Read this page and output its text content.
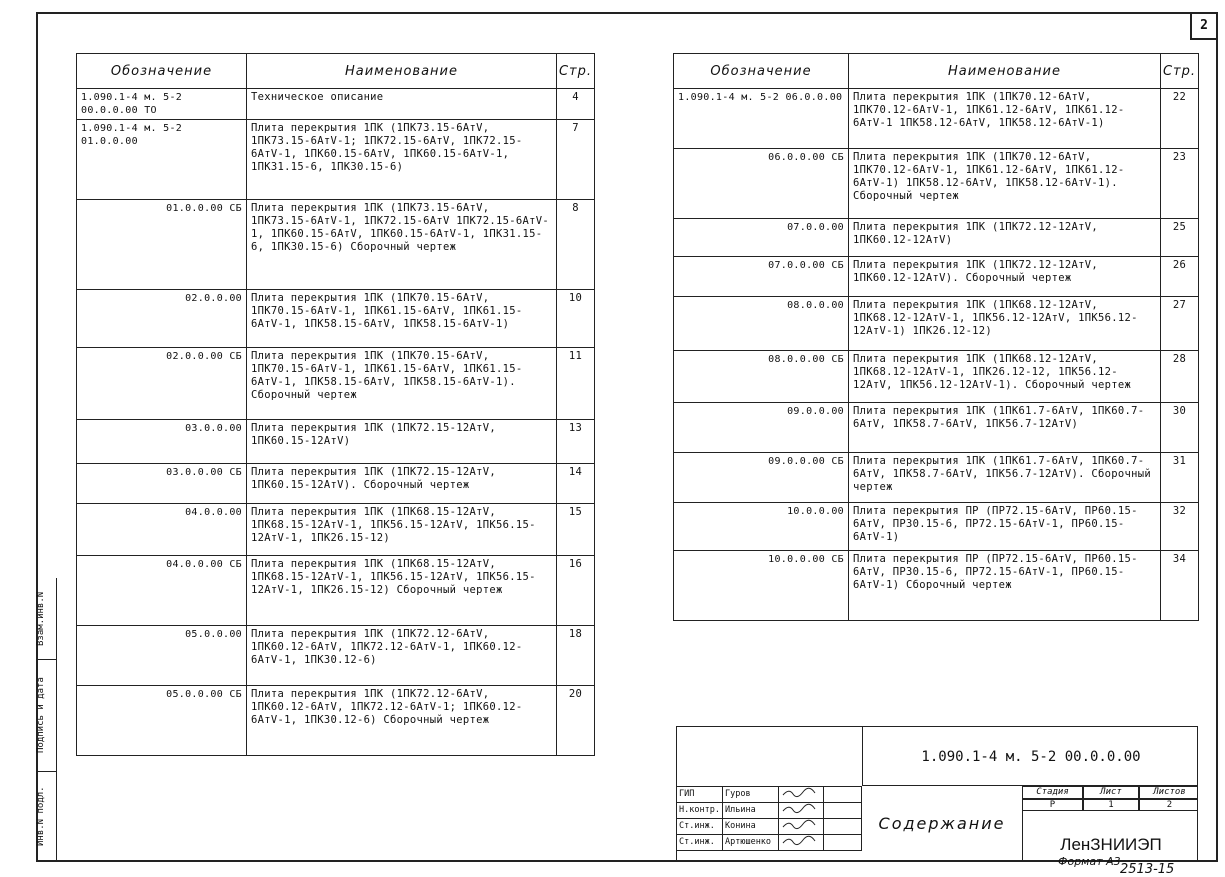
2
Взам.инв.N
Подпись и дата
Инв.N подл.
Обозначение	Наименование	Стр.
1.090.1-4 м. 5-2 00.0.0.00 ТО	Техническое описание	4
1.090.1-4 м. 5-2 01.0.0.00	Плита перекрытия 1ПК (1ПК73.15-6АтV, 1ПК73.15-6АтV-1; 1ПК72.15-6АтV, 1ПК72.15-6АтV-1, 1ПК60.15-6АтV, 1ПК60.15-6АтV-1, 1ПК31.15-6, 1ПК30.15-6)	7
01.0.0.00 СБ	Плита перекрытия 1ПК (1ПК73.15-6АтV, 1ПК73.15-6АтV-1, 1ПК72.15-6АтV 1ПК72.15-6АтV-1, 1ПК60.15-6АтV, 1ПК60.15-6АтV-1, 1ПК31.15-6, 1ПК30.15-6) Сборочный чертеж	8
02.0.0.00	Плита перекрытия 1ПК (1ПК70.15-6АтV, 1ПК70.15-6АтV-1, 1ПК61.15-6АтV, 1ПК61.15-6АтV-1, 1ПК58.15-6АтV, 1ПК58.15-6АтV-1)	10
02.0.0.00 СБ	Плита перекрытия 1ПК (1ПК70.15-6АтV, 1ПК70.15-6АтV-1, 1ПК61.15-6АтV, 1ПК61.15-6АтV-1, 1ПК58.15-6АтV, 1ПК58.15-6АтV-1). Сборочный чертеж	11
03.0.0.00	Плита перекрытия 1ПК (1ПК72.15-12АтV, 1ПК60.15-12АтV)	13
03.0.0.00 СБ	Плита перекрытия 1ПК (1ПК72.15-12АтV, 1ПК60.15-12АтV). Сборочный чертеж	14
04.0.0.00	Плита перекрытия 1ПК (1ПК68.15-12АтV, 1ПК68.15-12АтV-1, 1ПК56.15-12АтV, 1ПК56.15-12АтV-1, 1ПК26.15-12)	15
04.0.0.00 СБ	Плита перекрытия 1ПК (1ПК68.15-12АтV, 1ПК68.15-12АтV-1, 1ПК56.15-12АтV, 1ПК56.15-12АтV-1, 1ПК26.15-12) Сборочный чертеж	16
05.0.0.00	Плита перекрытия 1ПК (1ПК72.12-6АтV, 1ПК60.12-6АтV, 1ПК72.12-6АтV-1, 1ПК60.12-6АтV-1, 1ПК30.12-6)	18
05.0.0.00 СБ	Плита перекрытия 1ПК (1ПК72.12-6АтV, 1ПК60.12-6АтV, 1ПК72.12-6АтV-1; 1ПК60.12-6АтV-1, 1ПК30.12-6) Сборочный чертеж	20
Обозначение	Наименование	Стр.
1.090.1-4 м. 5-2 06.0.0.00	Плита перекрытия 1ПК (1ПК70.12-6АтV, 1ПК70.12-6АтV-1, 1ПК61.12-6АтV, 1ПК61.12-6АтV-1 1ПК58.12-6АтV, 1ПК58.12-6АтV-1)	22
06.0.0.00 СБ	Плита перекрытия 1ПК (1ПК70.12-6АтV, 1ПК70.12-6АтV-1, 1ПК61.12-6АтV, 1ПК61.12-6АтV-1) 1ПК58.12-6АтV, 1ПК58.12-6АтV-1). Сборочный чертеж	23
07.0.0.00	Плита перекрытия 1ПК (1ПК72.12-12АтV, 1ПК60.12-12АтV)	25
07.0.0.00 СБ	Плита перекрытия 1ПК (1ПК72.12-12АтV, 1ПК60.12-12АтV). Сборочный чертеж	26
08.0.0.00	Плита перекрытия 1ПК (1ПК68.12-12АтV, 1ПК68.12-12АтV-1, 1ПК56.12-12АтV, 1ПК56.12-12АтV-1) 1ПК26.12-12)	27
08.0.0.00 СБ	Плита перекрытия 1ПК (1ПК68.12-12АтV, 1ПК68.12-12АтV-1, 1ПК26.12-12, 1ПК56.12-12АтV, 1ПК56.12-12АтV-1). Сборочный чертеж	28
09.0.0.00	Плита перекрытия 1ПК (1ПК61.7-6АтV, 1ПК60.7-6АтV, 1ПК58.7-6АтV, 1ПК56.7-12АтV)	30
09.0.0.00 СБ	Плита перекрытия 1ПК (1ПК61.7-6АтV, 1ПК60.7-6АтV, 1ПК58.7-6АтV, 1ПК56.7-12АтV). Сборочный чертеж	31
10.0.0.00	Плита перекрытия ПР (ПР72.15-6АтV, ПР60.15-6АтV, ПР30.15-6, ПР72.15-6АтV-1, ПР60.15-6АтV-1)	32
10.0.0.00 СБ	Плита перекрытия ПР (ПР72.15-6АтV, ПР60.15-6АтV, ПР30.15-6, ПР72.15-6АтV-1, ПР60.15-6АтV-1) Сборочный чертеж	34
ГИП	Гуров		
Н.контр.	Ильина		
Ст.инж.	Конина		
Ст.инж.	Артюшенко		
1.090.1-4 м. 5-2 00.0.0.00
Содержание
Стадия	Лист	Листов
Р	1	2
ЛенЗНИИЭП
Формат А3
2513-15
